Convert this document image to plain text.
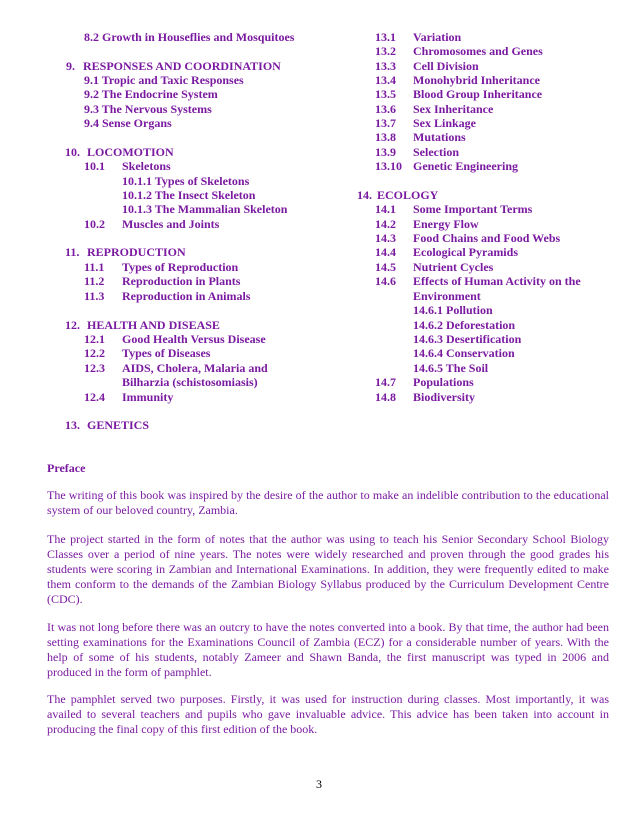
8.2 Growth in Houseflies and Mosquitoes
9. RESPONSES AND COORDINATION
9.1 Tropic and Taxic Responses
9.2 The Endocrine System
9.3 The Nervous Systems
9.4 Sense Organs
10. LOCOMOTION
10.1 Skeletons
10.1.1 Types of Skeletons
10.1.2 The Insect Skeleton
10.1.3 The Mammalian Skeleton
10.2 Muscles and Joints
11. REPRODUCTION
11.1 Types of Reproduction
11.2 Reproduction in Plants
11.3 Reproduction in Animals
12. HEALTH AND DISEASE
12.1 Good Health Versus Disease
12.2 Types of Diseases
12.3 AIDS, Cholera, Malaria and
Bilharzia (schistosomiasis)
12.4 Immunity
13. GENETICS
13.1 Variation
13.2 Chromosomes and Genes
13.3 Cell Division
13.4 Monohybrid Inheritance
13.5 Blood Group Inheritance
13.6 Sex Inheritance
13.7 Sex Linkage
13.8 Mutations
13.9 Selection
13.10 Genetic Engineering
14. ECOLOGY
14.1 Some Important Terms
14.2 Energy Flow
14.3 Food Chains and Food Webs
14.4 Ecological Pyramids
14.5 Nutrient Cycles
14.6 Effects of Human Activity on the
Environment
14.6.1 Pollution
14.6.2 Deforestation
14.6.3 Desertification
14.6.4 Conservation
14.6.5 The Soil
14.7 Populations
14.8 Biodiversity
Preface

The writing of this book was inspired by the desire of the author to make an indelible contribution to the educational system of our beloved country, Zambia.

The project started in the form of notes that the author was using to teach his Senior Secondary School Biology Classes over a period of nine years. The notes were widely researched and proven through the good grades his students were scoring in Zambian and International Examinations. In addition, they were frequently edited to make them conform to the demands of the Zambian Biology Syllabus produced by the Curriculum Development Centre (CDC).

It was not long before there was an outcry to have the notes converted into a book. By that time, the author had been setting examinations for the Examinations Council of Zambia (ECZ) for a considerable number of years. With the help of some of his students, notably Zameer and Shawn Banda, the first manuscript was typed in 2006 and produced in the form of pamphlet.

The pamphlet served two purposes. Firstly, it was used for instruction during classes. Most importantly, it was availed to several teachers and pupils who gave invaluable advice. This advice has been taken into account in producing the final copy of this first edition of the book.

3
